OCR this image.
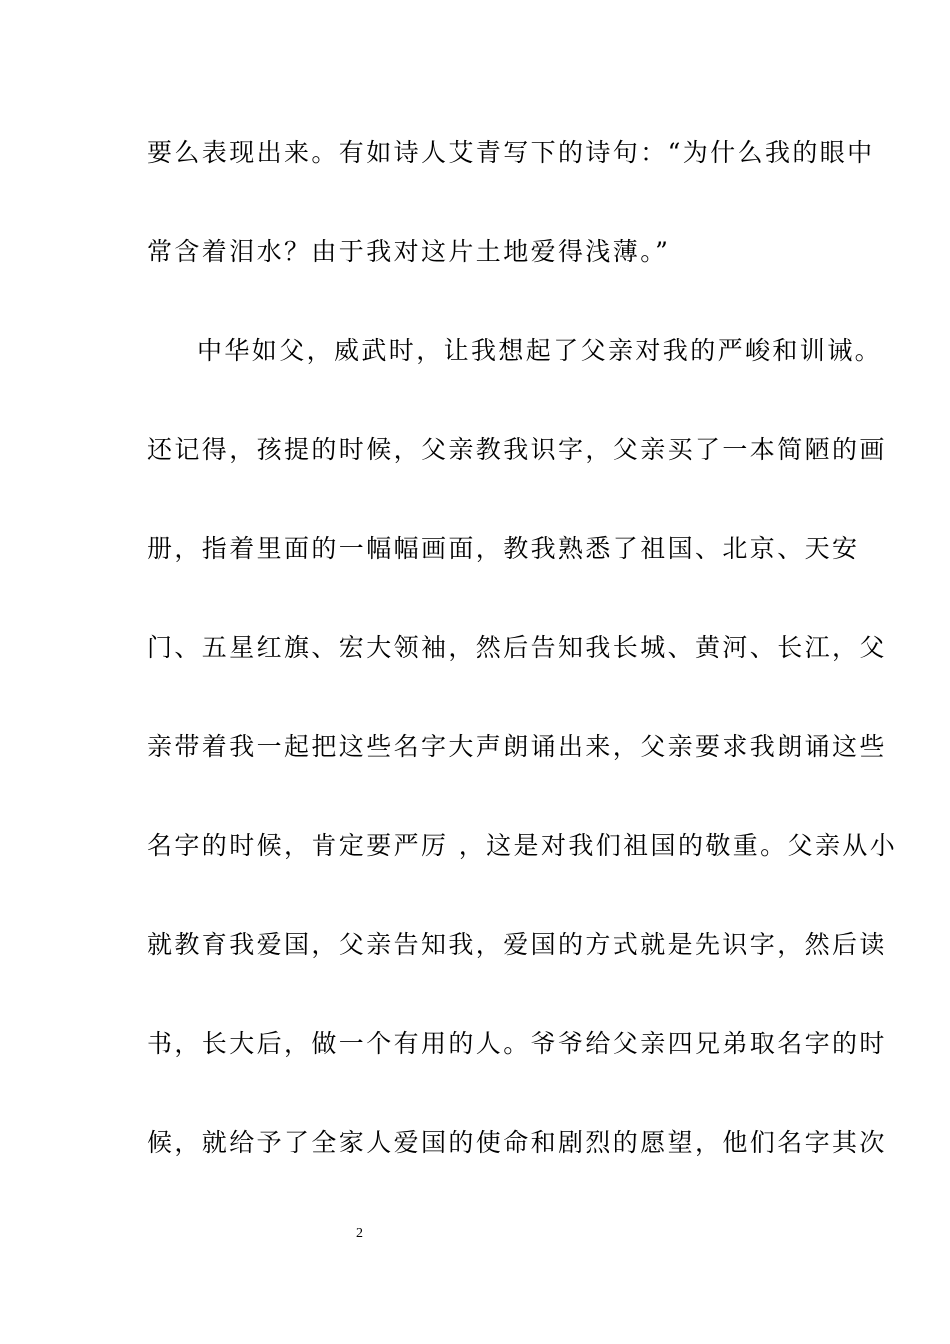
要么表现出来。有如诗人艾青写下的诗句：“为什么我的眼中
常含着泪水？由于我对这片土地爱得浅薄。”
中华如父，威武时，让我想起了父亲对我的严峻和训诫。
还记得，孩提的时候，父亲教我识字，父亲买了一本简陋的画
册，指着里面的一幅幅画面，教我熟悉了祖国、北京、天安
门、五星红旗、宏大领袖，然后告知我长城、黄河、长江，父
亲带着我一起把这些名字大声朗诵出来，父亲要求我朗诵这些
名字的时候，肯定要严厉 ，这是对我们祖国的敬重。父亲从小
就教育我爱国，父亲告知我，爱国的方式就是先识字，然后读
书，长大后，做一个有用的人。爷爷给父亲四兄弟取名字的时
候，就给予了全家人爱国的使命和剧烈的愿望，他们名字其次
2
